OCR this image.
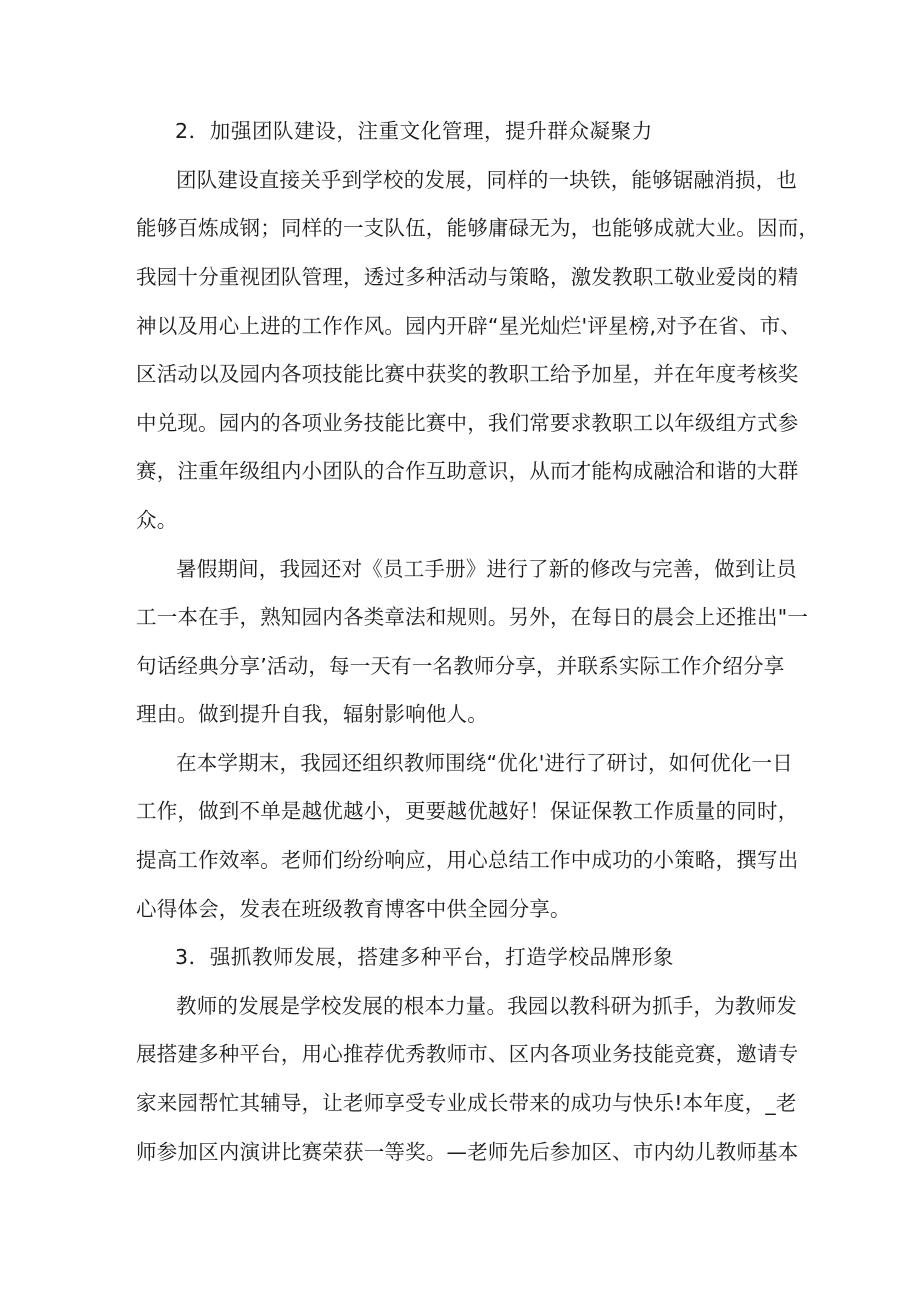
2．加强团队建设，注重文化管理，提升群众凝聚力
团队建设直接关乎到学校的发展，同样的一块铁，能够锯融消损，也
能够百炼成钢；同样的一支队伍，能够庸碌无为，也能够成就大业。因而，
我园十分重视团队管理，透过多种活动与策略，激发教职工敬业爱岗的精
神以及用心上进的工作作风。园内开辟“星光灿烂'评星榜,对予在省、市、
区活动以及园内各项技能比赛中获奖的教职工给予加星，并在年度考核奖
中兑现。园内的各项业务技能比赛中，我们常要求教职工以年级组方式参
赛，注重年级组内小团队的合作互助意识，从而才能构成融洽和谐的大群
众。
暑假期间，我园还对《员工手册》进行了新的修改与完善，做到让员
工一本在手，熟知园内各类章法和规则。另外，在每日的晨会上还推出"一
句话经典分享’活动，每一天有一名教师分享，并联系实际工作介绍分享
理由。做到提升自我，辐射影响他人。
在本学期末，我园还组织教师围绕“优化'进行了研讨，如何优化一日
工作，做到不单是越优越小，更要越优越好！保证保教工作质量的同时，
提高工作效率。老师们纷纷响应，用心总结工作中成功的小策略，撰写出
心得体会，发表在班级教育博客中供全园分享。
3．强抓教师发展，搭建多种平台，打造学校品牌形象
教师的发展是学校发展的根本力量。我园以教科研为抓手，为教师发
展搭建多种平台，用心推荐优秀教师市、区内各项业务技能竞赛，邀请专
家来园帮忙其辅导，让老师享受专业成长带来的成功与快乐!本年度，_老
师参加区内演讲比赛荣获一等奖。—老师先后参加区、市内幼儿教师基本
